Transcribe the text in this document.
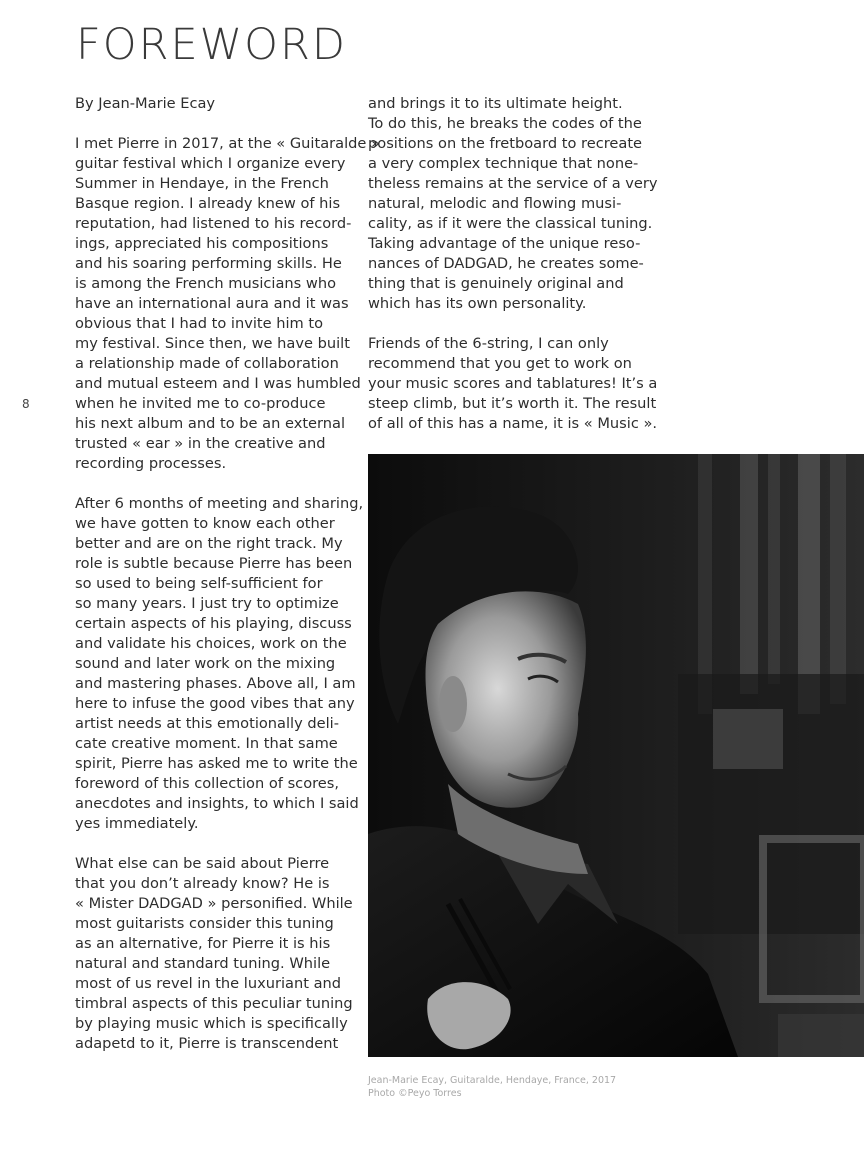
FOREWORD
8
By Jean-Marie Ecay
I met Pierre in 2017, at the « Guitaralde »
guitar festival which I organize every
Summer in Hendaye, in the French
Basque region. I already knew of his
reputation, had listened to his record-
ings, appreciated his compositions
and his soaring performing skills. He
is among the French musicians who
have an international aura and it was
obvious that I had to invite him to
my festival. Since then, we have built
a relationship made of collaboration
and mutual esteem and I was humbled
when he invited me to co-produce
his next album and to be an external
trusted « ear » in the creative and
recording processes.
After 6 months of meeting and sharing,
we have gotten to know each other
better and are on the right track. My
role is subtle because Pierre has been
so used to being self-sufficient for
so many years. I just try to optimize
certain aspects of his playing, discuss
and validate his choices, work on the
sound and later work on the mixing
and mastering phases. Above all, I am
here to infuse the good vibes that any
artist needs at this emotionally deli-
cate creative moment. In that same
spirit, Pierre has asked me to write the
foreword of this collection of scores,
anecdotes and insights, to which I said
yes immediately.
What else can be said about Pierre
that you don’t already know? He is
« Mister DADGAD » personified. While
most guitarists consider this tuning
as an alternative, for Pierre it is his
natural and standard tuning. While
most of us revel in the luxuriant and
timbral aspects of this peculiar tuning
by playing music which is specifically
adapetd to it, Pierre is transcendent
and brings it to its ultimate height.
To do this, he breaks the codes of the
positions on the fretboard to recreate
a very complex technique that none-
theless remains at the service of a very
natural, melodic and flowing musi-
cality, as if it were the classical tuning.
Taking advantage of the unique reso-
nances of DADGAD, he creates some-
thing that is genuinely original and
which has its own personality.
Friends of the 6-string, I can only
recommend that you get to work on
your music scores and tablatures! It’s a
steep climb, but it’s worth it. The result
of all of this has a name, it is « Music ».
Jean-Marie Ecay, Guitaralde, Hendaye, France, 2017
Photo ©Peyo Torres
